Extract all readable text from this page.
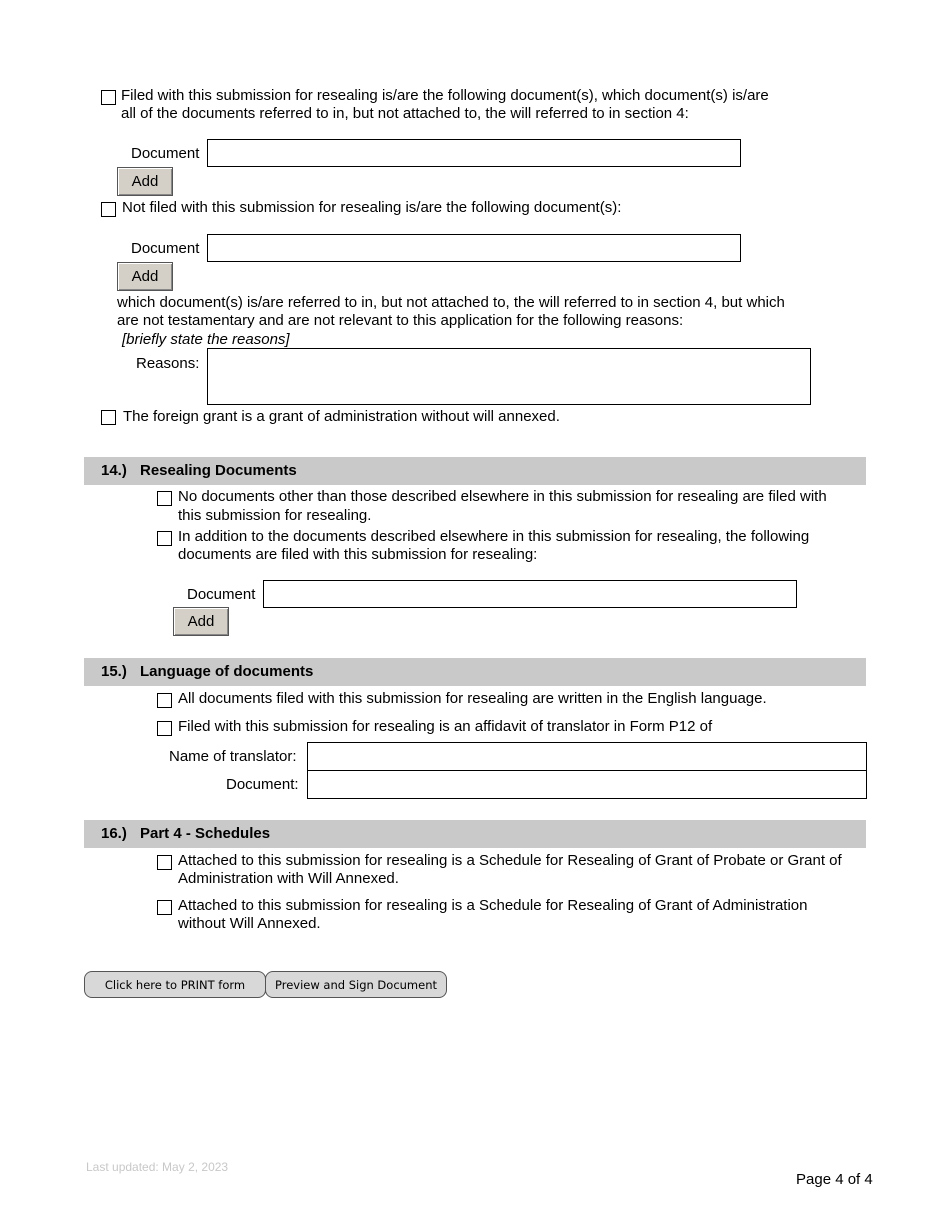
Filed with this submission for resealing is/are the following document(s), which document(s) is/are
all of the documents referred to in, but not attached to, the will referred to in section 4:
Document
Add
Not filed with this submission for resealing is/are the following document(s):
Document
Add
which document(s) is/are referred to in, but not attached to, the will referred to in section 4, but which
are not testamentary and are not relevant to this application for the following reasons:
[briefly state the reasons]
Reasons:
The foreign grant is a grant of administration without will annexed.
14.) Resealing Documents
No documents other than those described elsewhere in this submission for resealing are filed with
this submission for resealing.
In addition to the documents described elsewhere in this submission for resealing, the following
documents are filed with this submission for resealing:
Document
Add
15.) Language of documents
All documents filed with this submission for resealing are written in the English language.
Filed with this submission for resealing is an affidavit of translator in Form P12 of
Name of translator:
Document:
16.) Part 4 - Schedules
Attached to this submission for resealing is a Schedule for Resealing of Grant of Probate or Grant of
Administration with Will Annexed.
Attached to this submission for resealing is a Schedule for Resealing of Grant of Administration
without Will Annexed.
Click here to PRINT form	Preview and Sign Document
Last updated: May 2, 2023
Page 4 of 4
